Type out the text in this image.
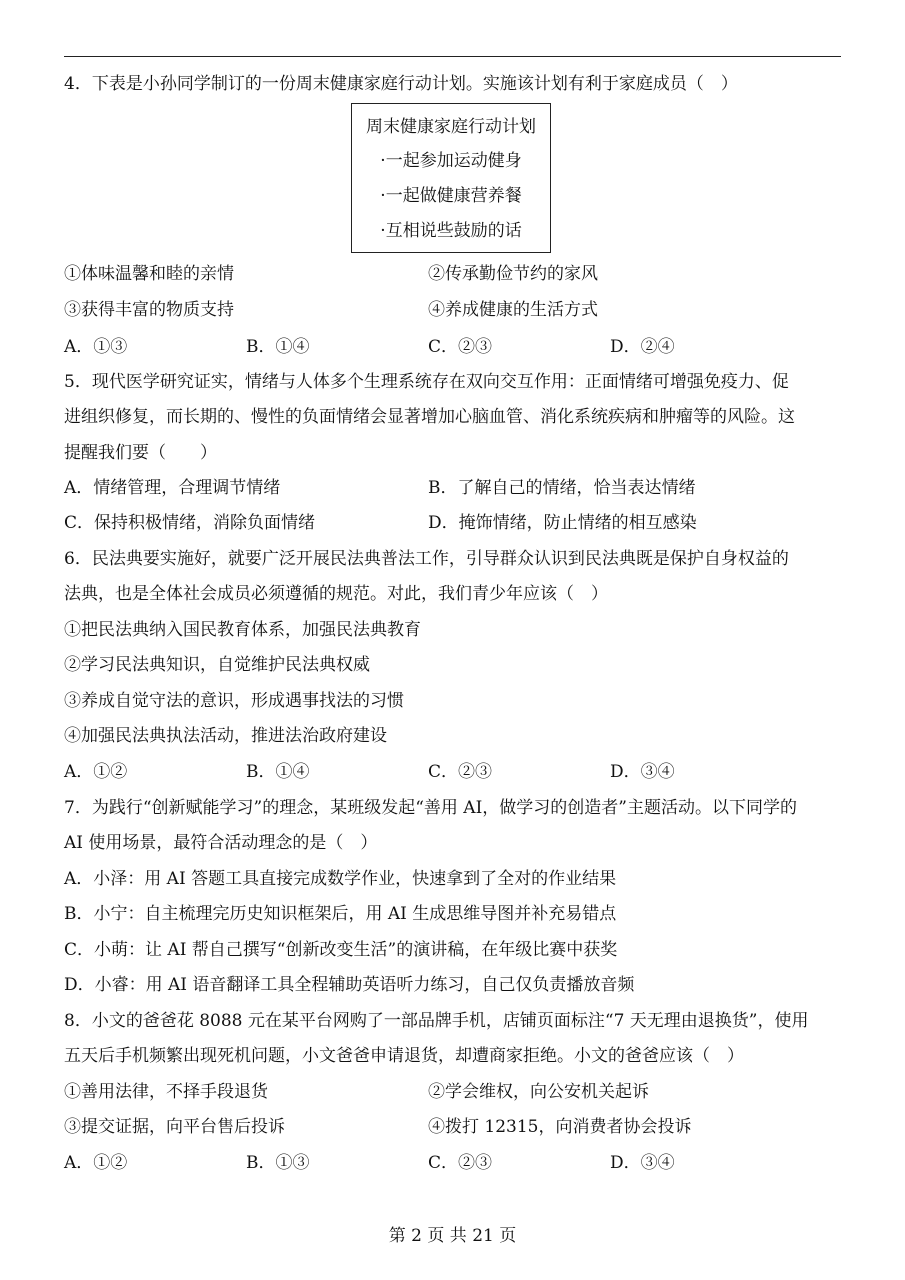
4．下表是小孙同学制订的一份周末健康家庭行动计划。实施该计划有利于家庭成员（　）
周末健康家庭行动计划
·一起参加运动健身
·一起做健康营养餐
·互相说些鼓励的话
①体味温馨和睦的亲情	②传承勤俭节约的家风
③获得丰富的物质支持	④养成健康的生活方式
A．①③	B．①④	C．②③	D．②④
5．现代医学研究证实，情绪与人体多个生理系统存在双向交互作用：正面情绪可增强免疫力、促
进组织修复，而长期的、慢性的负面情绪会显著增加心脑血管、消化系统疾病和肿瘤等的风险。这
提醒我们要（　　）
A．情绪管理，合理调节情绪	B．了解自己的情绪，恰当表达情绪
C．保持积极情绪，消除负面情绪	D．掩饰情绪，防止情绪的相互感染
6．民法典要实施好，就要广泛开展民法典普法工作，引导群众认识到民法典既是保护自身权益的
法典，也是全体社会成员必须遵循的规范。对此，我们青少年应该（　）
①把民法典纳入国民教育体系，加强民法典教育
②学习民法典知识，自觉维护民法典权威
③养成自觉守法的意识，形成遇事找法的习惯
④加强民法典执法活动，推进法治政府建设
A．①②	B．①④	C．②③	D．③④
7．为践行“创新赋能学习”的理念，某班级发起“善用 AI，做学习的创造者”主题活动。以下同学的
AI 使用场景，最符合活动理念的是（　）
A．小泽：用 AI 答题工具直接完成数学作业，快速拿到了全对的作业结果
B．小宁：自主梳理完历史知识框架后，用 AI 生成思维导图并补充易错点
C．小萌：让 AI 帮自己撰写“创新改变生活”的演讲稿，在年级比赛中获奖
D．小睿：用 AI 语音翻译工具全程辅助英语听力练习，自己仅负责播放音频
8．小文的爸爸花 8088 元在某平台网购了一部品牌手机，店铺页面标注“7 天无理由退换货”，使用
五天后手机频繁出现死机问题，小文爸爸申请退货，却遭商家拒绝。小文的爸爸应该（　）
①善用法律，不择手段退货	②学会维权，向公安机关起诉
③提交证据，向平台售后投诉	④拨打 12315，向消费者协会投诉
A．①②	B．①③	C．②③	D．③④
第 2 页 共 21 页
